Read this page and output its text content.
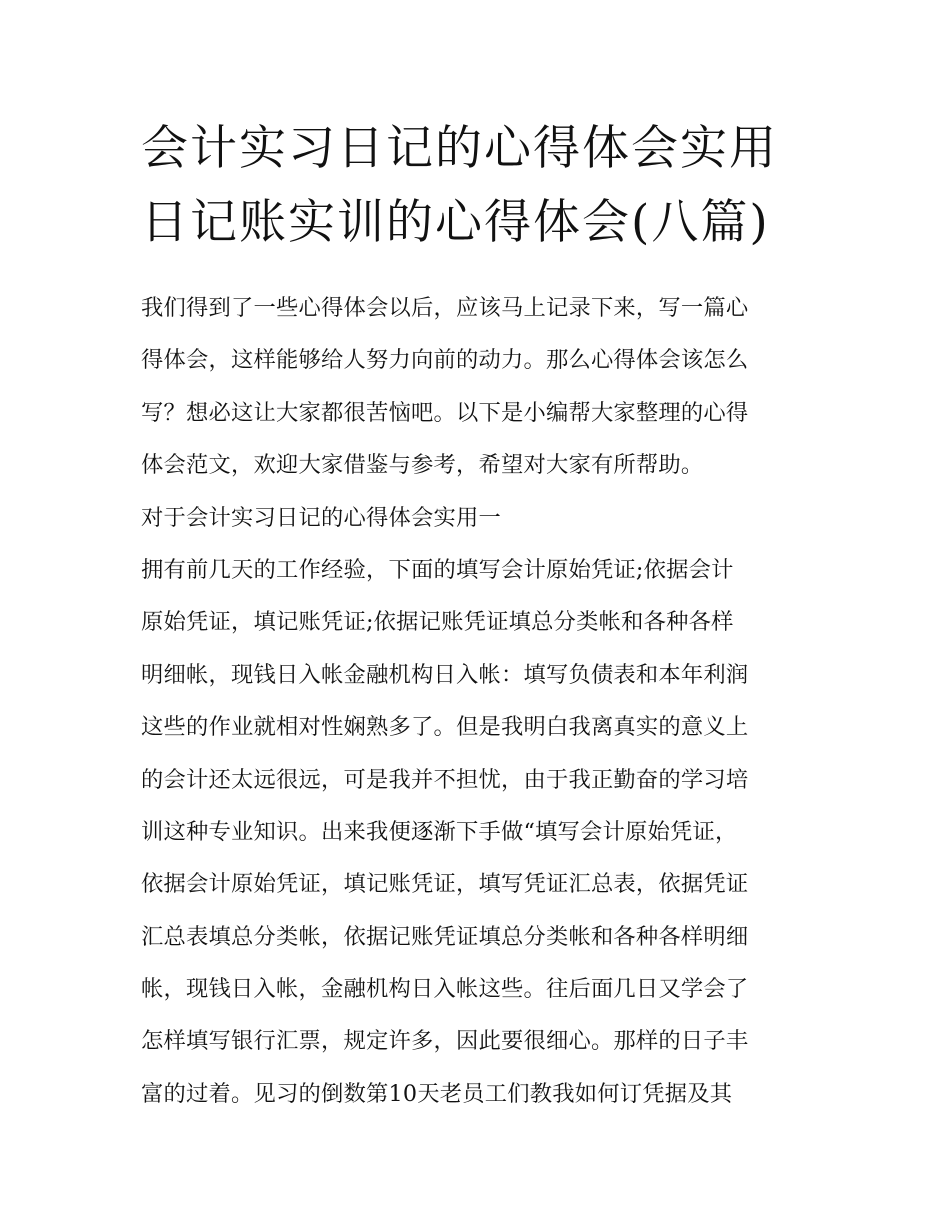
会计实习日记的心得体会实用
日记账实训的心得体会(八篇)
我们得到了一些心得体会以后，应该马上记录下来，写一篇心
得体会，这样能够给人努力向前的动力。那么心得体会该怎么
写？想必这让大家都很苦恼吧。以下是小编帮大家整理的心得
体会范文，欢迎大家借鉴与参考，希望对大家有所帮助。
对于会计实习日记的心得体会实用一
拥有前几天的工作经验，下面的填写会计原始凭证;依据会计
原始凭证，填记账凭证;依据记账凭证填总分类帐和各种各样
明细帐，现钱日入帐金融机构日入帐：填写负债表和本年利润
这些的作业就相对性娴熟多了。但是我明白我离真实的意义上
的会计还太远很远，可是我并不担忧，由于我正勤奋的学习培
训这种专业知识。出来我便逐渐下手做“填写会计原始凭证，
依据会计原始凭证，填记账凭证，填写凭证汇总表，依据凭证
汇总表填总分类帐，依据记账凭证填总分类帐和各种各样明细
帐，现钱日入帐，金融机构日入帐这些。往后面几日又学会了
怎样填写银行汇票，规定许多，因此要很细心。那样的日子丰
富的过着。见习的倒数第10天老员工们教我如何订凭据及其
